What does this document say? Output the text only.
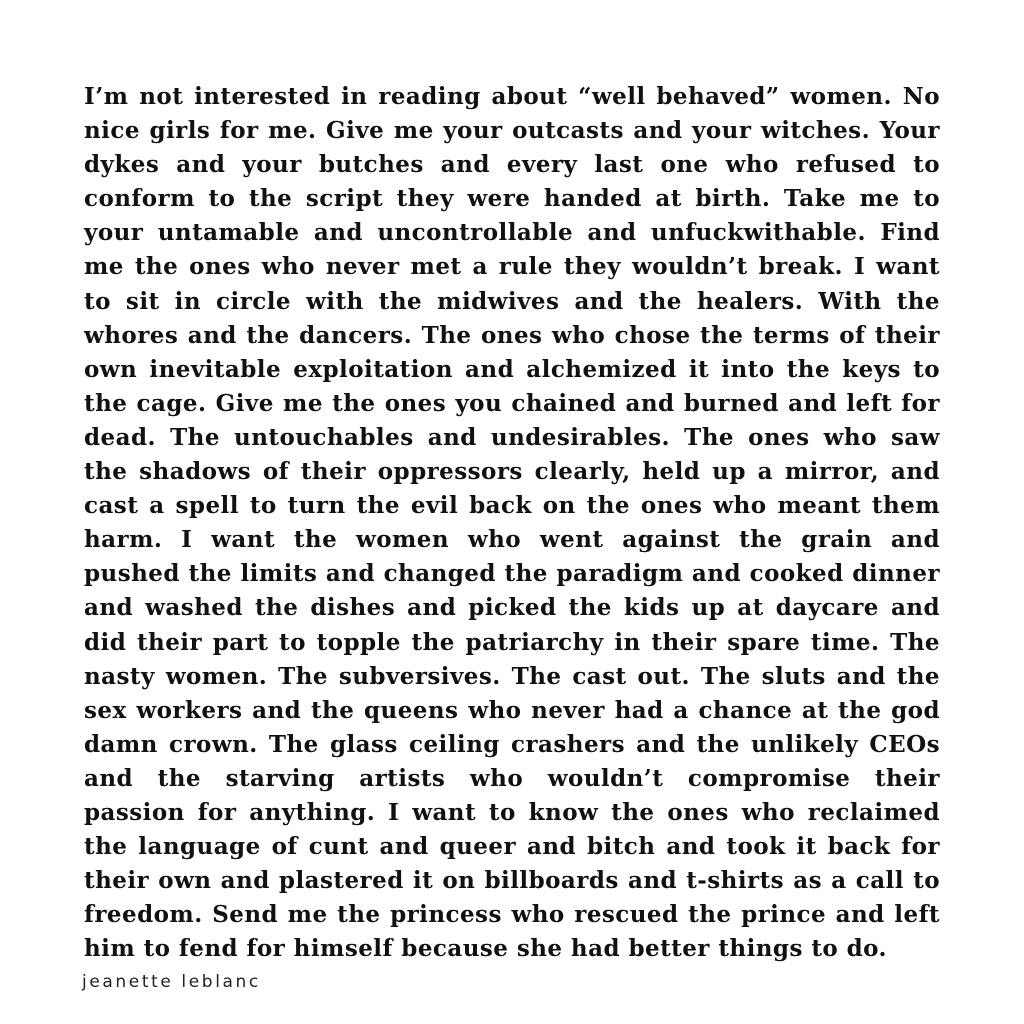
I’m not interested in reading about “well behaved” women. No
nice girls for me. Give me your outcasts and your witches. Your
dykes and your butches and every last one who refused to
conform to the script they were handed at birth. Take me to
your untamable and uncontrollable and unfuckwithable. Find
me the ones who never met a rule they wouldn’t break. I want
to sit in circle with the midwives and the healers. With the
whores and the dancers. The ones who chose the terms of their
own inevitable exploitation and alchemized it into the keys to
the cage. Give me the ones you chained and burned and left for
dead. The untouchables and undesirables. The ones who saw
the shadows of their oppressors clearly, held up a mirror, and
cast a spell to turn the evil back on the ones who meant them
harm. I want the women who went against the grain and
pushed the limits and changed the paradigm and cooked dinner
and washed the dishes and picked the kids up at daycare and
did their part to topple the patriarchy in their spare time. The
nasty women. The subversives. The cast out. The sluts and the
sex workers and the queens who never had a chance at the god
damn crown. The glass ceiling crashers and the unlikely CEOs
and the starving artists who wouldn’t compromise their
passion for anything. I want to know the ones who reclaimed
the language of cunt and queer and bitch and took it back for
their own and plastered it on billboards and t-shirts as a call to
freedom. Send me the princess who rescued the prince and left
him to fend for himself because she had better things to do.
jeanette leblanc
